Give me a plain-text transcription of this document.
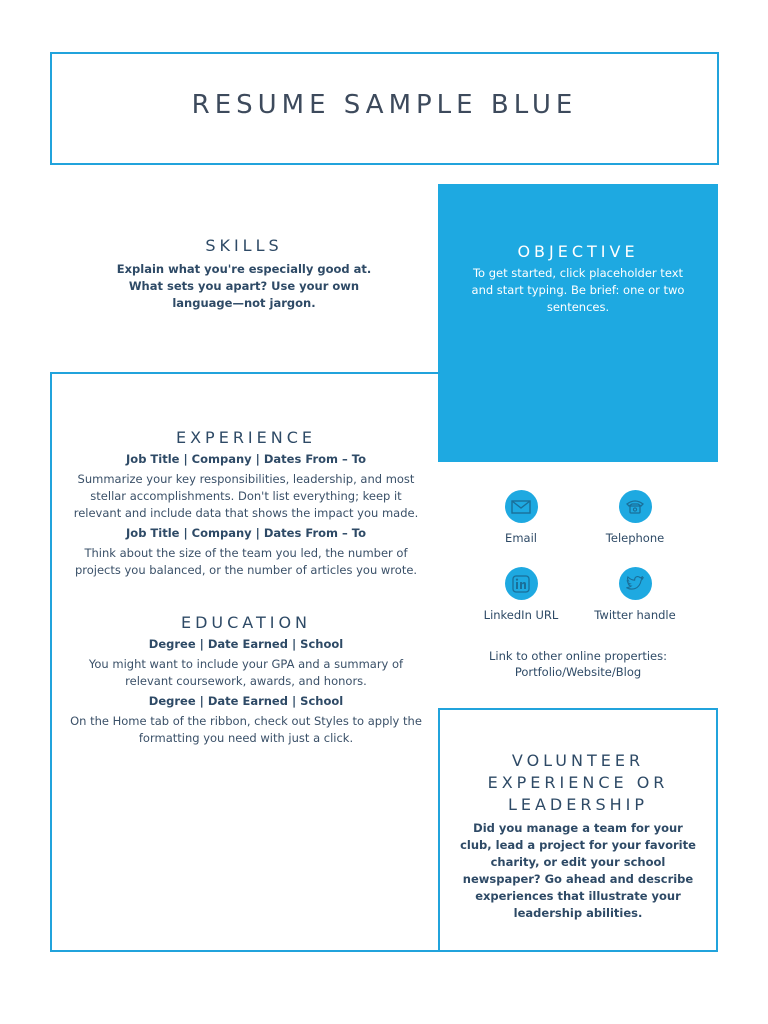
RESUME SAMPLE BLUE
SKILLS
Explain what you're especially good at. What sets you apart? Use your own language—not jargon.
OBJECTIVE
To get started, click placeholder text and start typing. Be brief: one or two sentences.
EXPERIENCE
Job Title | Company | Dates From – To
Summarize your key responsibilities, leadership, and most stellar accomplishments. Don't list everything; keep it relevant and include data that shows the impact you made.
Job Title | Company | Dates From – To
Think about the size of the team you led, the number of projects you balanced, or the number of articles you wrote.
EDUCATION
Degree | Date Earned | School
You might want to include your GPA and a summary of relevant coursework, awards, and honors.
Degree | Date Earned | School
On the Home tab of the ribbon, check out Styles to apply the formatting you need with just a click.
Email	Telephone
LinkedIn URL	Twitter handle
Link to other online properties:
Portfolio/Website/Blog
VOLUNTEER
EXPERIENCE OR
LEADERSHIP
Did you manage a team for your club, lead a project for your favorite charity, or edit your school newspaper? Go ahead and describe experiences that illustrate your leadership abilities.
